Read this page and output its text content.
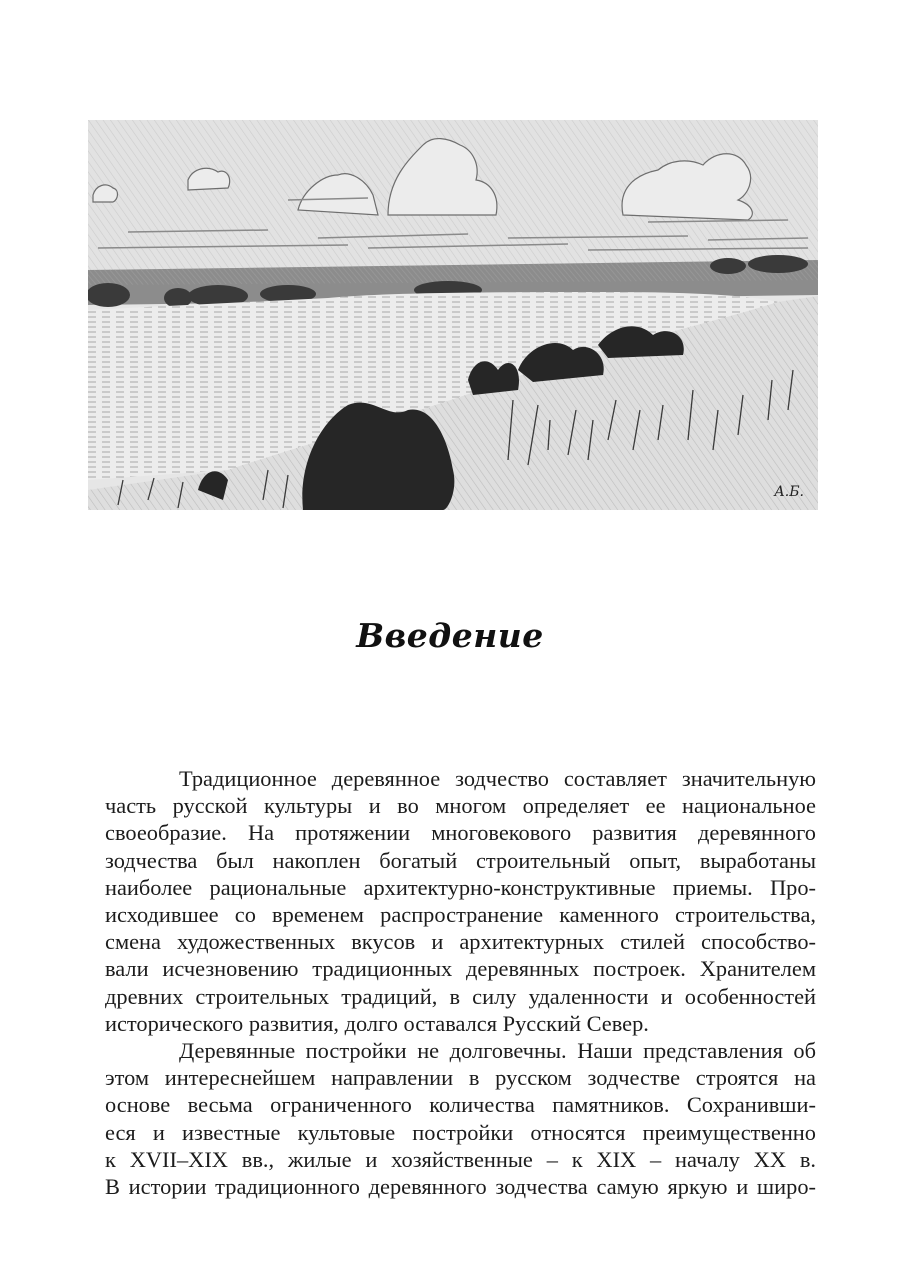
А.Б.
Введение

Традиционное деревянное зодчество составляет значительную
часть русской культуры и во многом определяет ее национальное
своеобразие. На протяжении многовекового развития деревянного
зодчества был накоплен богатый строительный опыт, выработаны
наиболее рациональные архитектурно-конструктивные приемы. Про-
исходившее со временем распространение каменного строительства,
смена художественных вкусов и архитектурных стилей способство-
вали исчезновению традиционных деревянных построек. Хранителем
древних строительных традиций, в силу удаленности и особенностей
исторического развития, долго оставался Русский Север.

Деревянные постройки не долговечны. Наши представления об
этом интереснейшем направлении в русском зодчестве строятся на
основе весьма ограниченного количества памятников. Сохранивши-
еся и известные культовые постройки относятся преимущественно
к XVII–XIX вв., жилые и хозяйственные – к XIX – началу XX в.
В истории традиционного деревянного зодчества самую яркую и широ-
